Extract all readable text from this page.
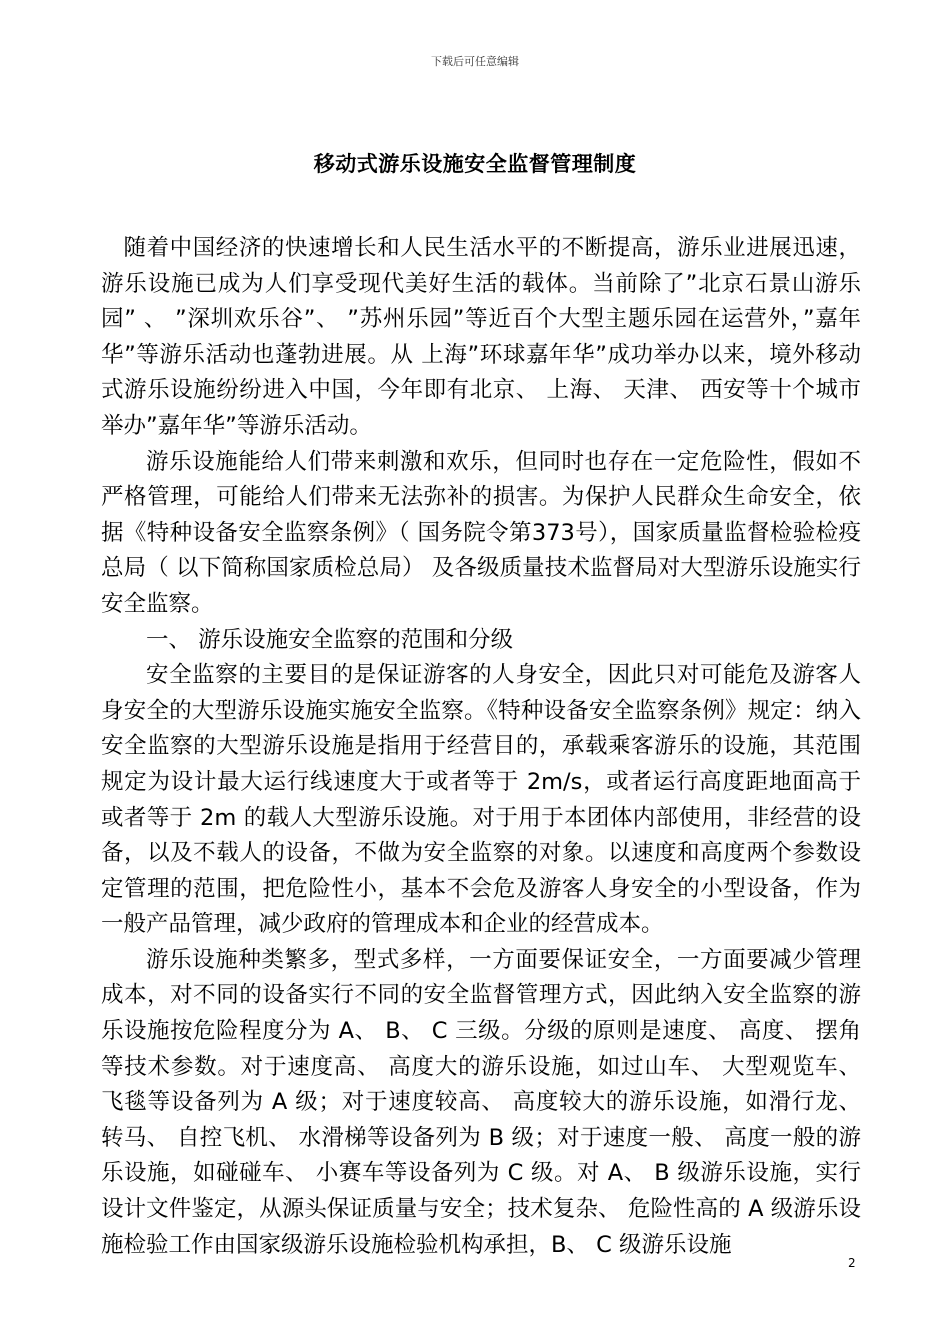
下载后可任意编辑
移动式游乐设施安全监督管理制度

随着中国经济的快速增长和人民生活水平的不断提高，游乐业进展迅速，游乐设施已成为人们享受现代美好生活的载体。当前除了”北京石景山游乐园” 、 ”深圳欢乐谷”、 ”苏州乐园”等近百个大型主题乐园在运营外，”嘉年华”等游乐活动也蓬勃进展。从 上海”环球嘉年华”成功举办以来，境外移动式游乐设施纷纷进入中国，今年即有北京、 上海、 天津、 西安等十个城市举办”嘉年华”等游乐活动。

游乐设施能给人们带来刺激和欢乐，但同时也存在一定危险性，假如不严格管理，可能给人们带来无法弥补的损害。为保护人民群众生命安全，依据《特种设备安全监察条例》（ 国务院令第373号），国家质量监督检验检疫总局（ 以下简称国家质检总局） 及各级质量技术监督局对大型游乐设施实行安全监察。

一、 游乐设施安全监察的范围和分级

安全监察的主要目的是保证游客的人身安全，因此只对可能危及游客人身安全的大型游乐设施实施安全监察。《特种设备安全监察条例》规定：纳入安全监察的大型游乐设施是指用于经营目的，承载乘客游乐的设施，其范围规定为设计最大运行线速度大于或者等于 2m/s，或者运行高度距地面高于或者等于 2m 的载人大型游乐设施。对于用于本团体内部使用，非经营的设备，以及不载人的设备，不做为安全监察的对象。以速度和高度两个参数设定管理的范围，把危险性小，基本不会危及游客人身安全的小型设备，作为一般产品管理，减少政府的管理成本和企业的经营成本。

游乐设施种类繁多，型式多样，一方面要保证安全，一方面要减少管理成本，对不同的设备实行不同的安全监督管理方式，因此纳入安全监察的游乐设施按危险程度分为 A、 B、 C 三级。分级的原则是速度、 高度、 摆角等技术参数。对于速度高、 高度大的游乐设施，如过山车、 大型观览车、 飞毯等设备列为 A 级；对于速度较高、 高度较大的游乐设施，如滑行龙、 转马、 自控飞机、 水滑梯等设备列为 B 级；对于速度一般、 高度一般的游乐设施，如碰碰车、 小赛车等设备列为 C 级。对 A、 B 级游乐设施，实行设计文件鉴定，从源头保证质量与安全；技术复杂、 危险性高的 A 级游乐设施检验工作由国家级游乐设施检验机构承担，B、 C 级游乐设施

2
